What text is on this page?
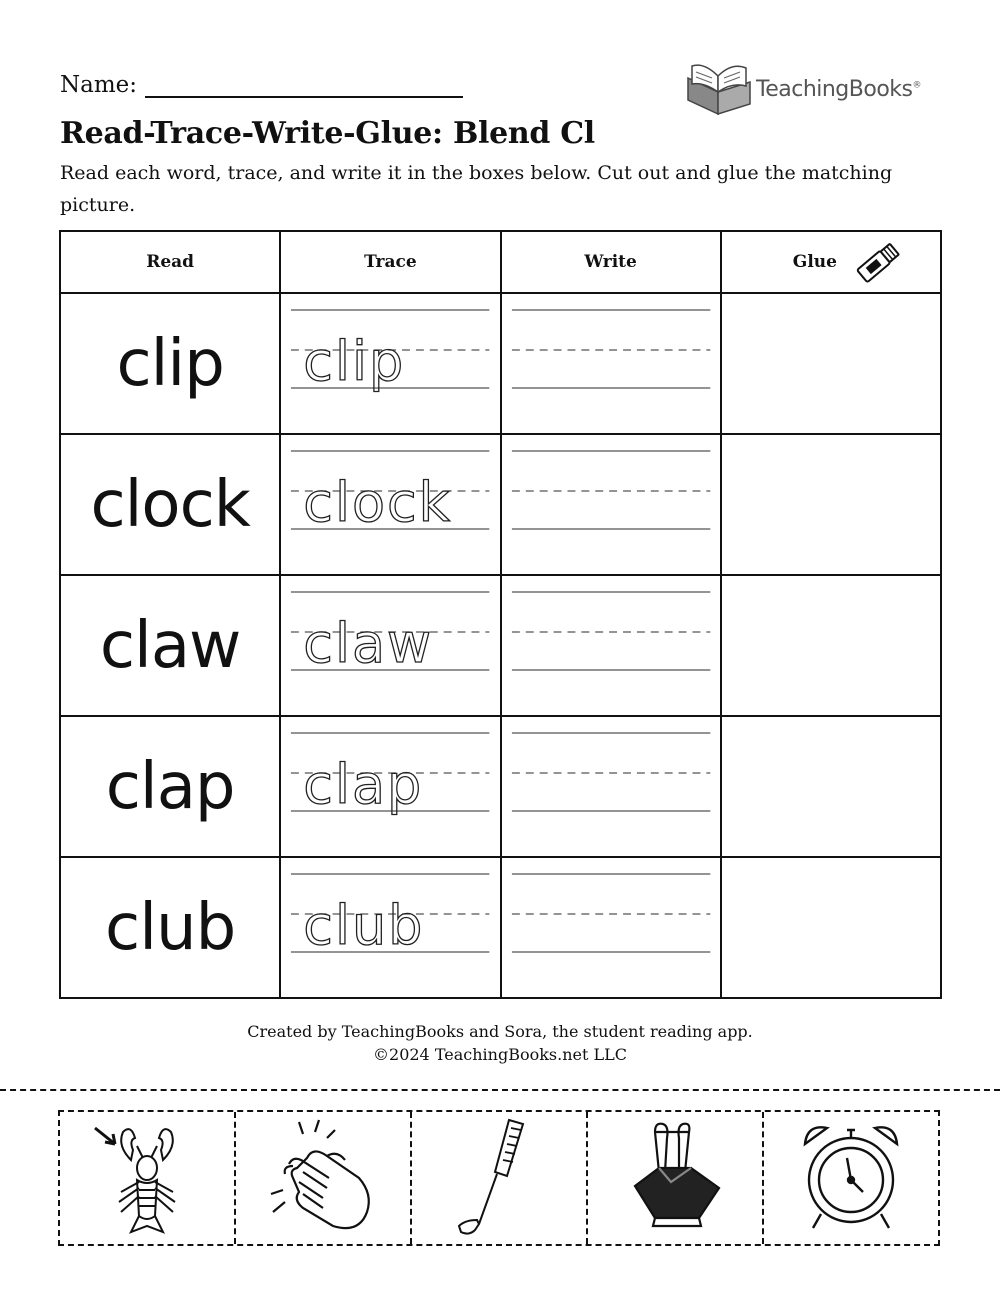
Name:	TeachingBooks®
Read-Trace-Write-Glue: Blend Cl

Read each word, trace, and write it in the boxes below. Cut out and glue the matching picture.

Read	Trace	Write	Glue

clip	clip

clock	clock

claw	claw

clap	clap

club	club

Created by TeachingBooks and Sora, the student reading app.
©2024 TeachingBooks.net LLC
